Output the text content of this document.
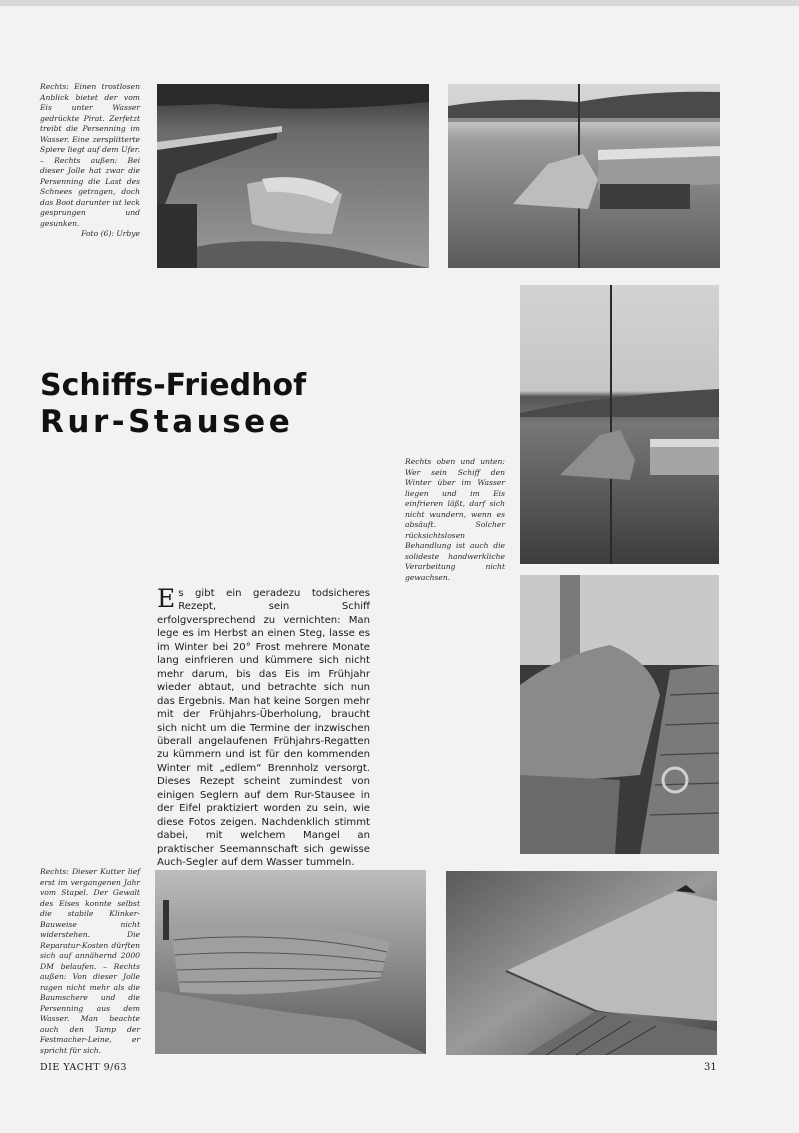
Rechts: Einen trostlosen Anblick bietet der vom Eis unter Wasser gedrückte Pirat. Zerfetzt treibt die Persenning im Wasser. Eine zersplitterte Spiere liegt auf dem Ufer. – Rechts außen: Bei dieser Jolle hat zwar die Persenning die Last des Schnees getragen, doch das Boot darunter ist leck gesprungen und gesunken.
Foto (6): Urbye
Schiffs-Friedhof
Rur-Stausee
Rechts oben und unten: Wer sein Schiff den Winter über im Wasser liegen und im Eis einfrieren läßt, darf sich nicht wundern, wenn es absäuft. Solcher rücksichtslosen Behandlung ist auch die solideste handwerkliche Verarbeitung nicht gewachsen.
Es gibt ein geradezu todsicheres Rezept, sein Schiff erfolgversprechend zu vernichten: Man lege es im Herbst an einen Steg, lasse es im Winter bei 20° Frost mehrere Monate lang einfrieren und kümmere sich nicht mehr darum, bis das Eis im Frühjahr wieder abtaut, und betrachte sich nun das Ergebnis. Man hat keine Sorgen mehr mit der Frühjahrs-Überholung, braucht sich nicht um die Termine der inzwischen überall angelaufenen Frühjahrs-Regatten zu kümmern und ist für den kommenden Winter mit „edlem“ Brennholz versorgt. Dieses Rezept scheint zumindest von einigen Seglern auf dem Rur-Stausee in der Eifel praktiziert worden zu sein, wie diese Fotos zeigen. Nachdenklich stimmt dabei, mit welchem Mangel an praktischer Seemannschaft sich gewisse Auch-Segler auf dem Wasser tummeln.
Rechts: Dieser Kutter lief erst im vergangenen Jahr vom Stapel. Der Gewalt des Eises konnte selbst die stabile Klinker-Bauweise nicht widerstehen. Die Reparatur-Kosten dürften sich auf annähernd 2000 DM belaufen. – Rechts außen: Von dieser Jolle ragen nicht mehr als die Baumschere und die Persenning aus dem Wasser. Man beachte auch den Tamp der Festmacher-Leine, er spricht für sich.
DIE YACHT 9/63	31
